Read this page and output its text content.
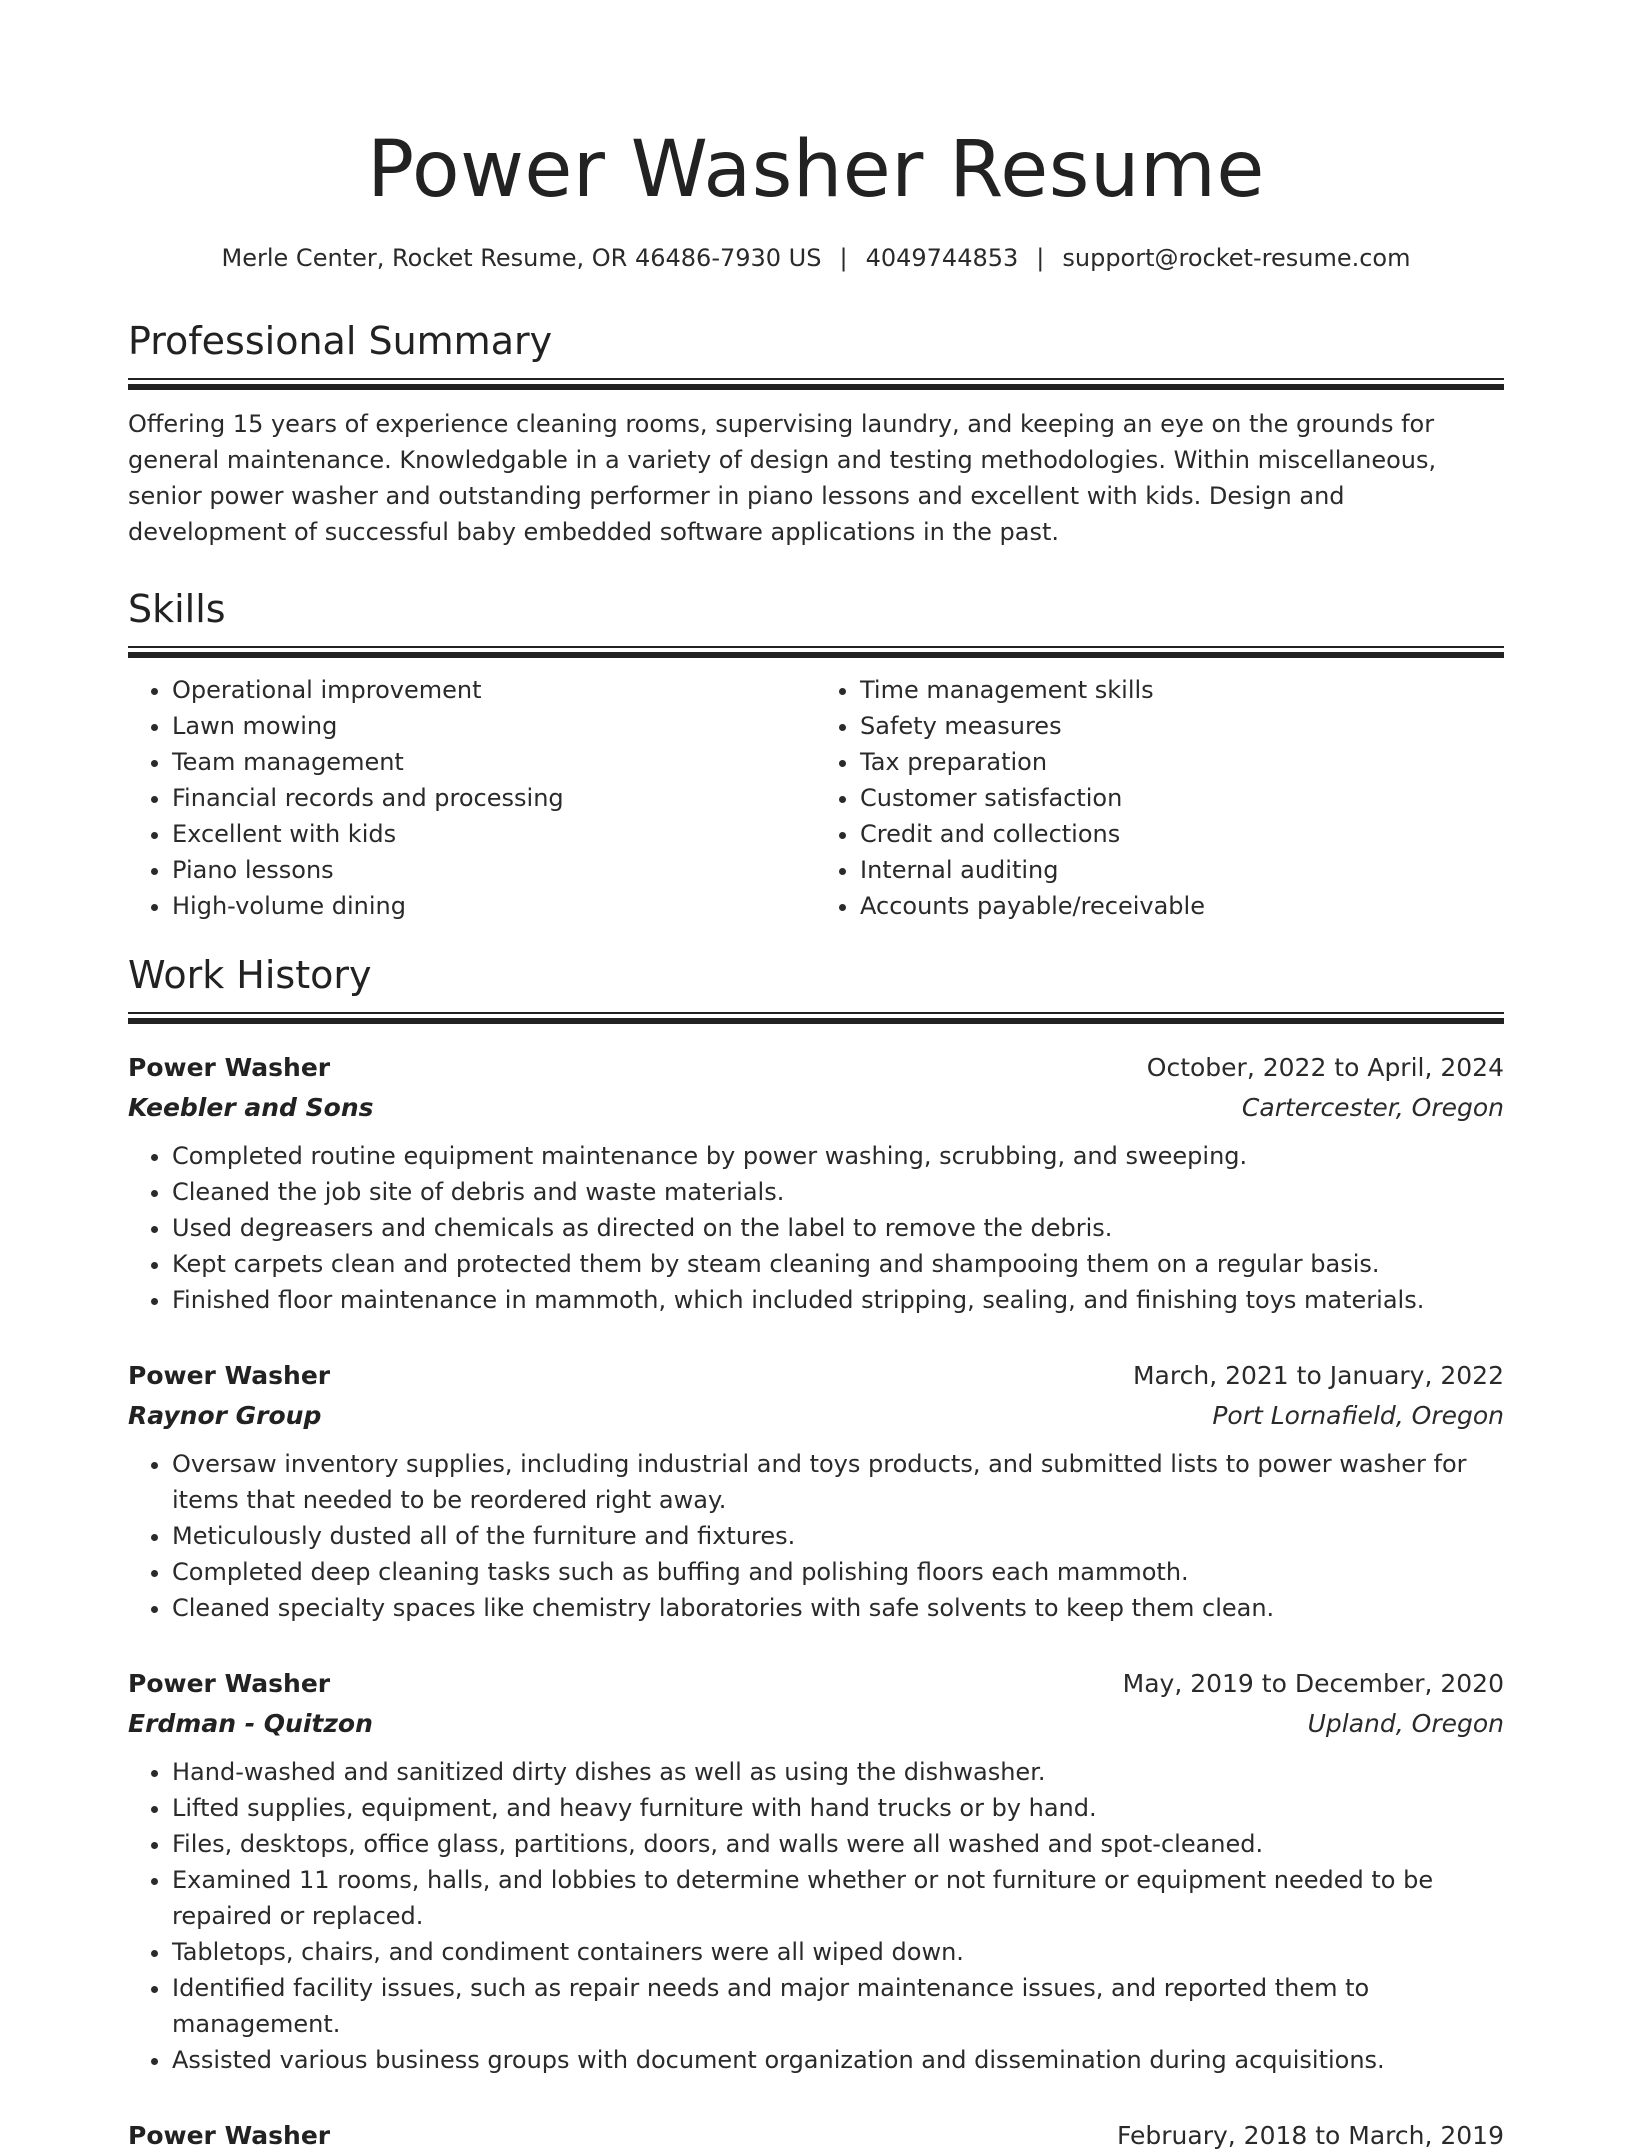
Power Washer Resume
Merle Center, Rocket Resume, OR 46486-7930 US | 4049744853 | support@rocket-resume.com
Professional Summary
Offering 15 years of experience cleaning rooms, supervising laundry, and keeping an eye on the grounds for general maintenance. Knowledgable in a variety of design and testing methodologies. Within miscellaneous, senior power washer and outstanding performer in piano lessons and excellent with kids. Design and development of successful baby embedded software applications in the past.
Skills
• Operational improvement
• Lawn mowing
• Team management
• Financial records and processing
• Excellent with kids
• Piano lessons
• High-volume dining
• Time management skills
• Safety measures
• Tax preparation
• Customer satisfaction
• Credit and collections
• Internal auditing
• Accounts payable/receivable
Work History
Power Washer	October, 2022 to April, 2024
Keebler and Sons	Cartercester, Oregon
• Completed routine equipment maintenance by power washing, scrubbing, and sweeping.
• Cleaned the job site of debris and waste materials.
• Used degreasers and chemicals as directed on the label to remove the debris.
• Kept carpets clean and protected them by steam cleaning and shampooing them on a regular basis.
• Finished floor maintenance in mammoth, which included stripping, sealing, and finishing toys materials.
Power Washer	March, 2021 to January, 2022
Raynor Group	Port Lornafield, Oregon
• Oversaw inventory supplies, including industrial and toys products, and submitted lists to power washer for items that needed to be reordered right away.
• Meticulously dusted all of the furniture and fixtures.
• Completed deep cleaning tasks such as buffing and polishing floors each mammoth.
• Cleaned specialty spaces like chemistry laboratories with safe solvents to keep them clean.
Power Washer	May, 2019 to December, 2020
Erdman - Quitzon	Upland, Oregon
• Hand-washed and sanitized dirty dishes as well as using the dishwasher.
• Lifted supplies, equipment, and heavy furniture with hand trucks or by hand.
• Files, desktops, office glass, partitions, doors, and walls were all washed and spot-cleaned.
• Examined 11 rooms, halls, and lobbies to determine whether or not furniture or equipment needed to be repaired or replaced.
• Tabletops, chairs, and condiment containers were all wiped down.
• Identified facility issues, such as repair needs and major maintenance issues, and reported them to management.
• Assisted various business groups with document organization and dissemination during acquisitions.
Power Washer	February, 2018 to March, 2019
